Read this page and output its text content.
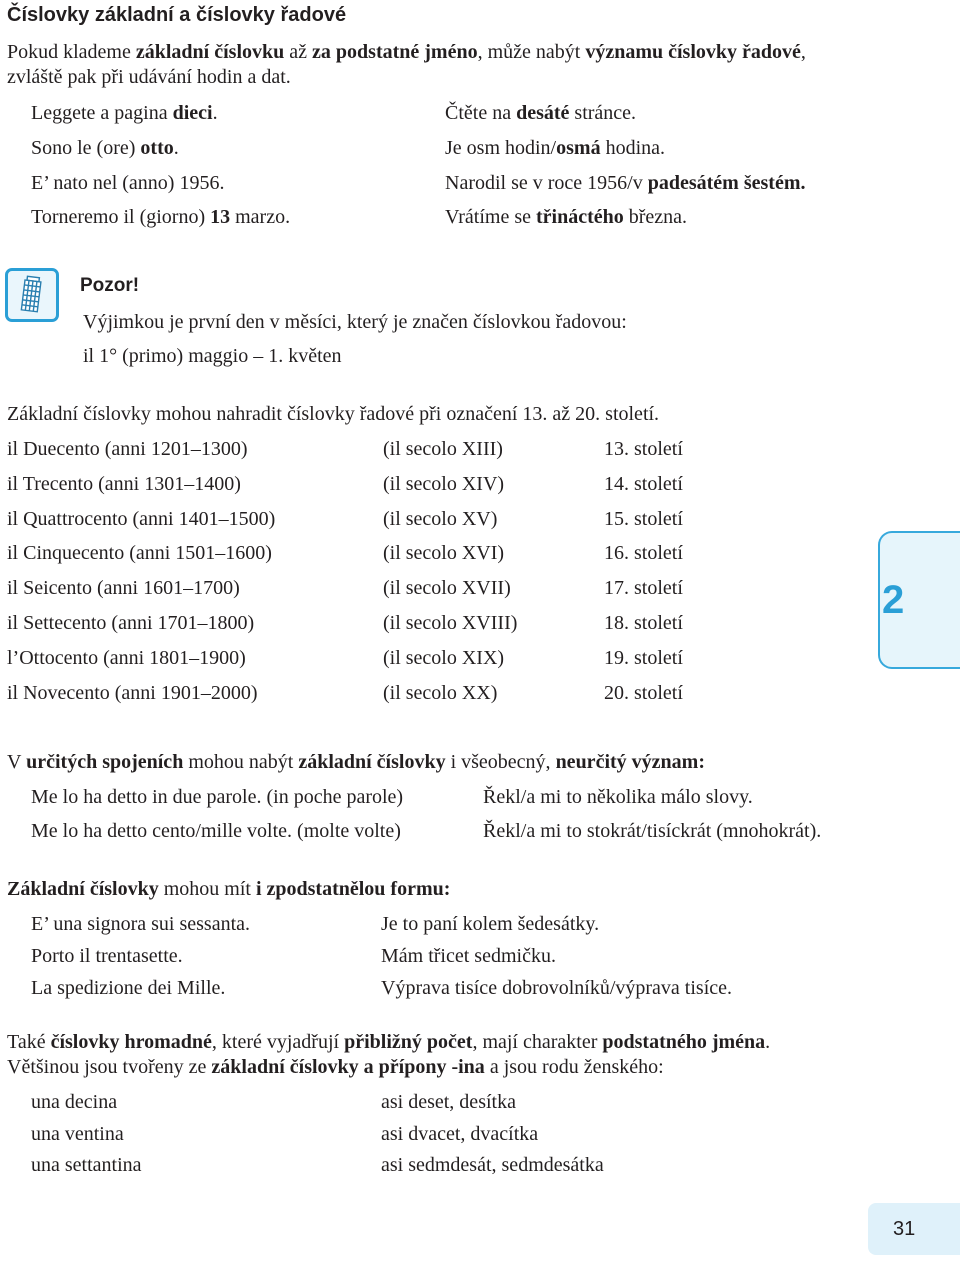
Číslovky základní a číslovky řadové
Pokud klademe základní číslovku až za podstatné jméno, může nabýt významu číslovky řadové, zvláště pak při udávání hodin a dat.
Leggete a pagina dieci.	Čtěte na desáté stránce.
Sono le (ore) otto.	Je osm hodin/osmá hodina.
E’ nato nel (anno) 1956.	Narodil se v roce 1956/v padesátém šestém.
Torneremo il (giorno) 13 marzo.	Vrátíme se třináctého března.
Pozor!
Výjimkou je první den v měsíci, který je značen číslovkou řadovou:
il 1° (primo) maggio – 1. květen
Základní číslovky mohou nahradit číslovky řadové při označení 13. až 20. století.
il Duecento (anni 1201–1300)	(il secolo XIII)	13. století
il Trecento (anni 1301–1400)	(il secolo XIV)	14. století
il Quattrocento (anni 1401–1500)	(il secolo XV)	15. století
il Cinquecento (anni 1501–1600)	(il secolo XVI)	16. století
il Seicento (anni 1601–1700)	(il secolo XVII)	17. století
il Settecento (anni 1701–1800)	(il secolo XVIII)	18. století
l’Ottocento (anni 1801–1900)	(il secolo XIX)	19. století
il Novecento (anni 1901–2000)	(il secolo XX)	20. století
2
V určitých spojeních mohou nabýt základní číslovky i všeobecný, neurčitý význam:
Me lo ha detto in due parole. (in poche parole)	Řekl/a mi to několika málo slovy.
Me lo ha detto cento/mille volte. (molte volte)	Řekl/a mi to stokrát/tisíckrát (mnohokrát).
Základní číslovky mohou mít i zpodstatnělou formu:
E’ una signora sui sessanta.	Je to paní kolem šedesátky.
Porto il trentasette.	Mám třicet sedmičku.
La spedizione dei Mille.	Výprava tisíce dobrovolníků/výprava tisíce.
Také číslovky hromadné, které vyjadřují přibližný počet, mají charakter podstatného jména.
Většinou jsou tvořeny ze základní číslovky a přípony -ina a jsou rodu ženského:
una decina	asi deset, desítka
una ventina	asi dvacet, dvacítka
una settantina	asi sedmdesát, sedmdesátka
31
